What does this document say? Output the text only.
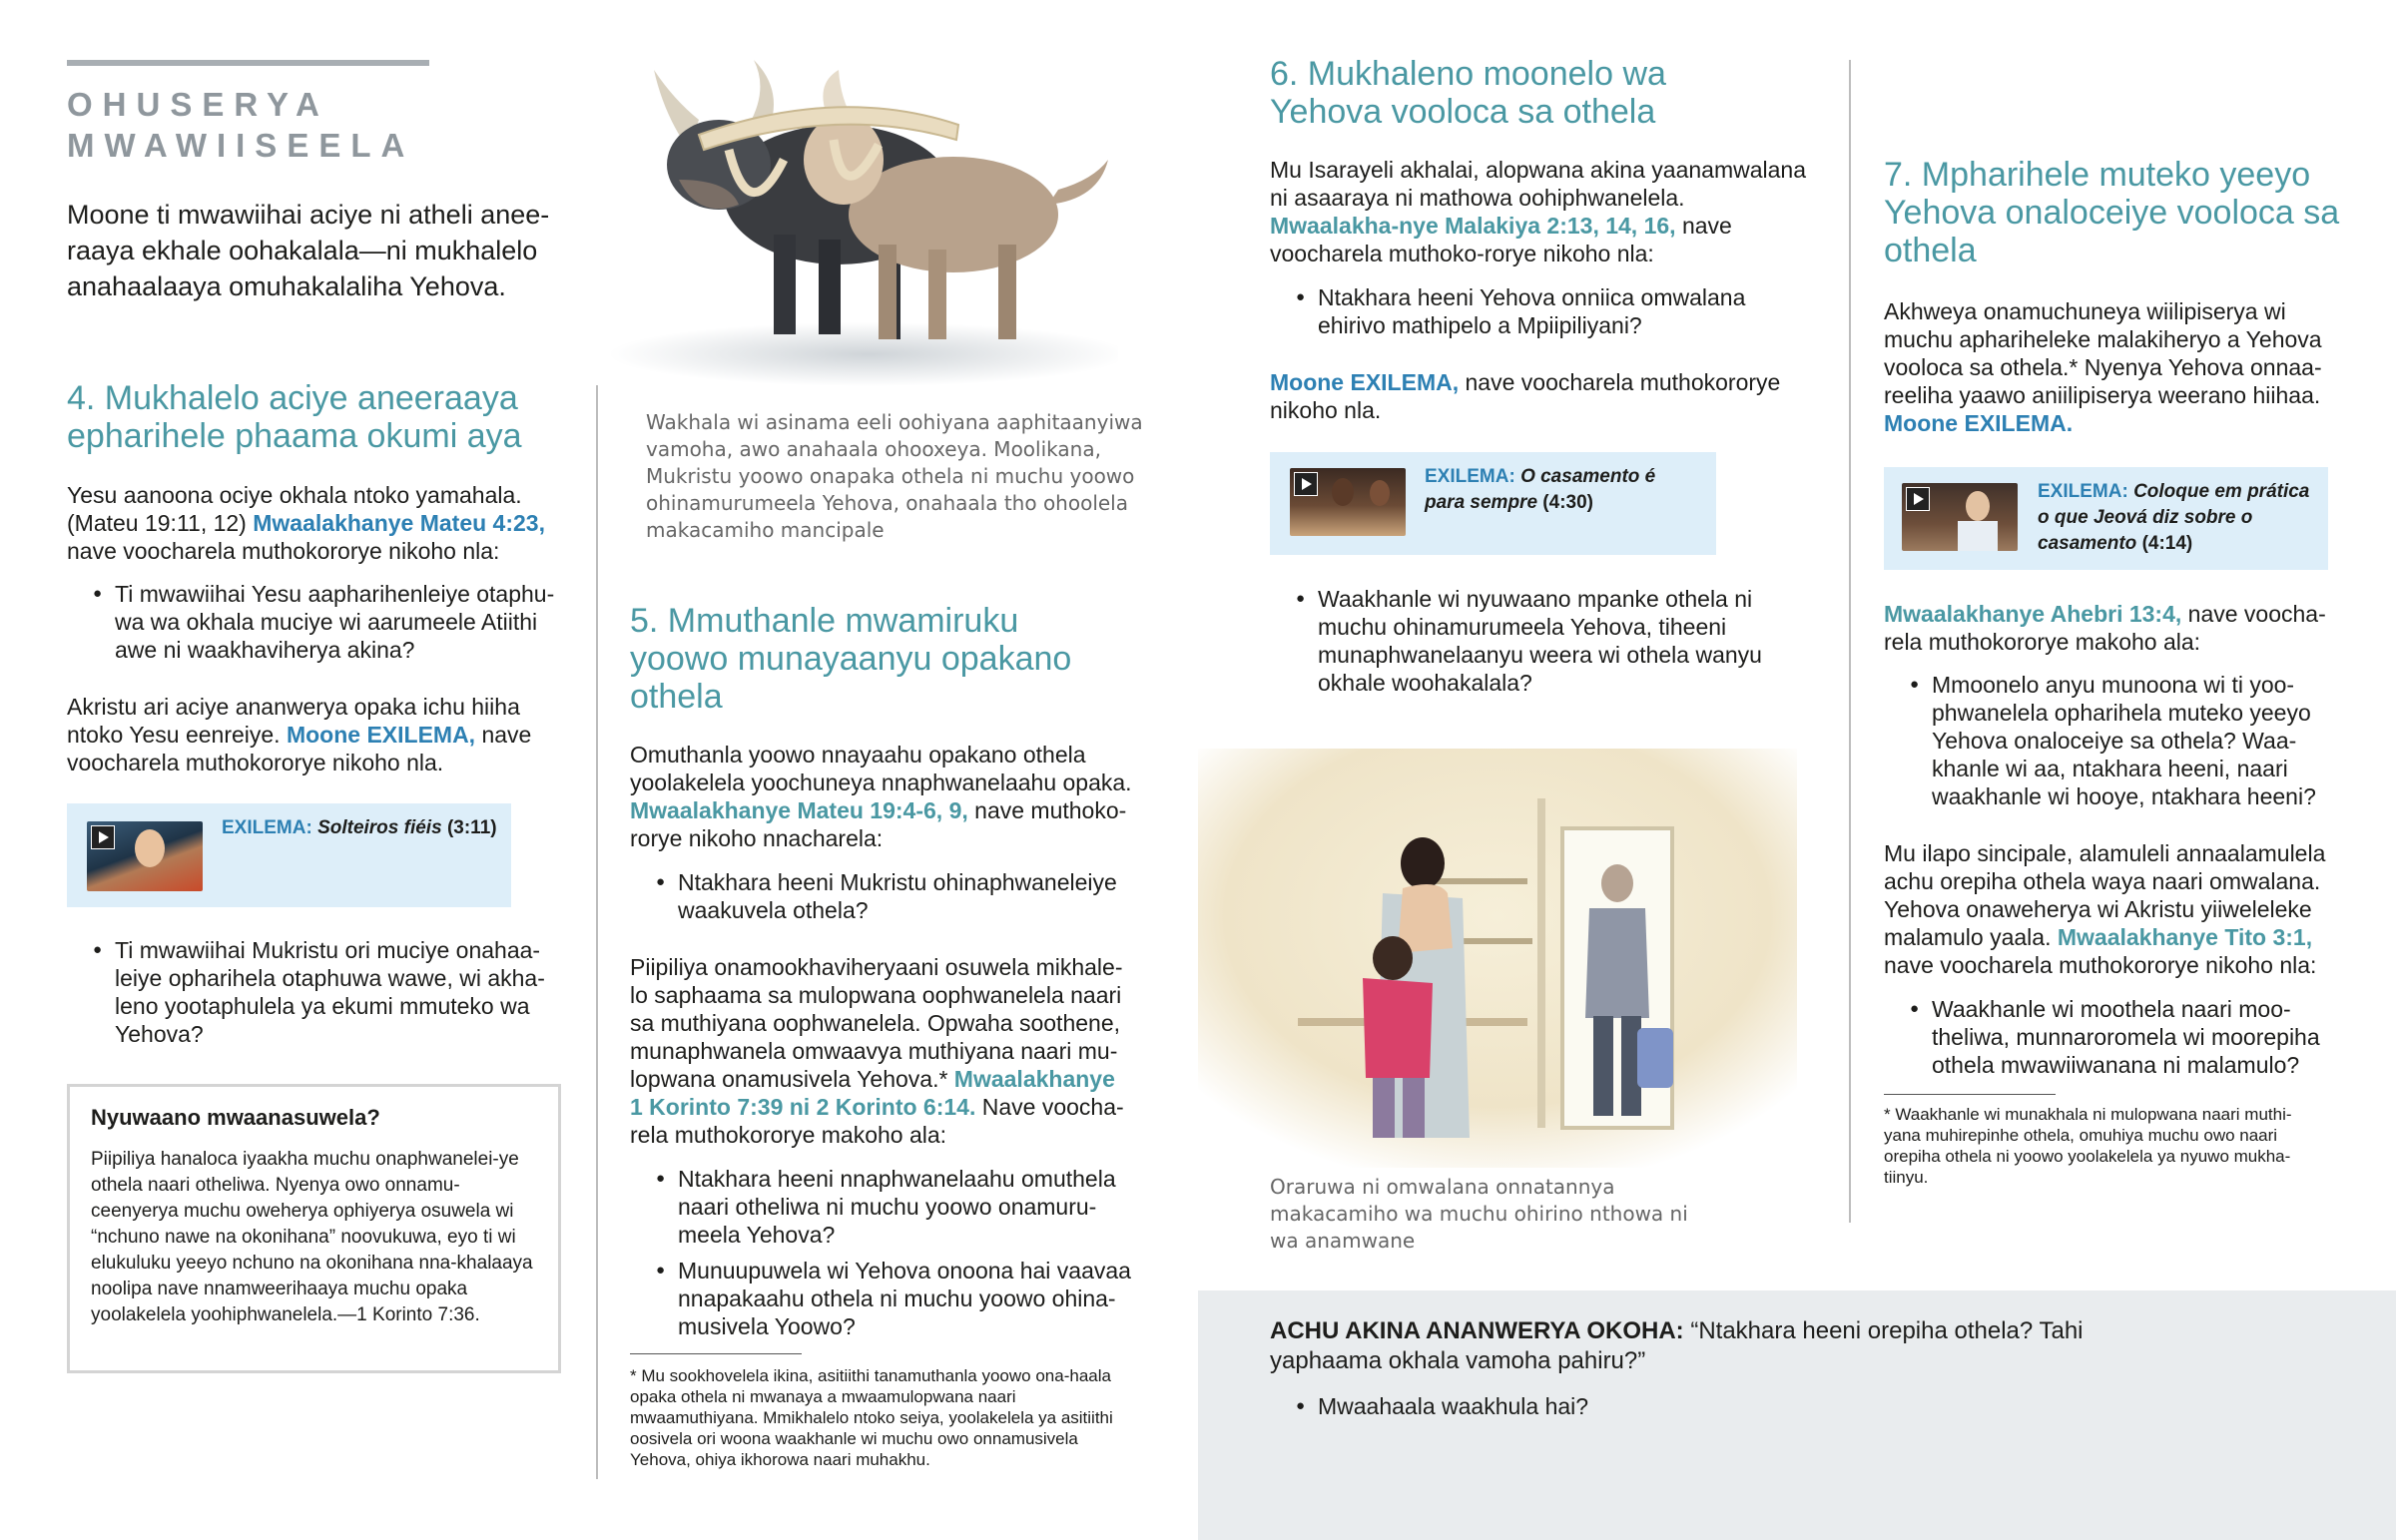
OHUSERYA
MWAWIISEELA
Moone ti mwawiihai aciye ni atheli anee-raaya ekhale oohakalala—ni mukhalelo anahaalaaya omuhakalaliha Yehova.
4. Mukhalelo aciye aneeraaya epharihele phaama okumi aya
Yesu aanoona ociye okhala ntoko yamahala. (Mateu 19:11, 12) Mwaalakhanye Mateu 4:23, nave voocharela muthokororye nikoho nla:
● Ti mwawiihai Yesu aapharihenleiye otaphu-wa wa okhala muciye wi aarumeele Atiithi awe ni waakhaviherya akina?
Akristu ari aciye ananwerya opaka ichu hiiha ntoko Yesu eenreiye. Moone EXILEMA, nave voocharela muthokororye nikoho nla.
EXILEMA: Solteiros fiéis (3:11)
● Ti mwawiihai Mukristu ori muciye onahaa-leiye opharihela otaphuwa wawe, wi akha-leno yootaphulela ya ekumi mmuteko wa Yehova?
Nyuwaano mwaanasuwela?
Piipiliya hanaloca iyaakha muchu onaphwanelei-ye othela naari otheliwa. Nyenya owo onnamu-ceenyerya muchu oweherya ophiyerya osuwela wi “nchuno nawe na okonihana” noovukuwa, eyo ti wi elukuluku yeeyo nchuno na okonihana nna-khalaaya noolipa nave nnamweerihaaya muchu opaka yoolakelela yoohiphwanelela.—1 Korinto 7:36.
Wakhala wi asinama eeli oohiyana aaphitaanyiwa vamoha, awo anahaala ohooxeya. Moolikana, Mukristu yoowo onapaka othela ni muchu yoowo ohinamurumeela Yehova, onahaala tho ohoolela makacamiho mancipale
5. Mmuthanle mwamiruku yoowo munayaanyu opakano othela
Omuthanla yoowo nnayaahu opakano othela yoolakelela yoochuneya nnaphwanelaahu opaka. Mwaalakhanye Mateu 19:4-6, 9, nave muthoko-rorye nikoho nnacharela:
● Ntakhara heeni Mukristu ohinaphwaneleiye waakuvela othela?
Piipiliya onamookhaviheryaani osuwela mikhale-lo saphaama sa mulopwana oophwanelela naari sa muthiyana oophwanelela. Opwaha soothene, munaphwanela omwaavya muthiyana naari mu-lopwana onamusivela Yehova.* Mwaalakhanye 1 Korinto 7:39 ni 2 Korinto 6:14. Nave voocha-rela muthokororye makoho ala:
● Ntakhara heeni nnaphwanelaahu omuthela naari otheliwa ni muchu yoowo onamuru-meela Yehova?
● Munuupuwela wi Yehova onoona hai vaavaa nnapakaahu othela ni muchu yoowo ohina-musivela Yoowo?
* Mu sookhovelela ikina, asitiithi tanamuthanla yoowo ona-haala opaka othela ni mwanaya a mwaamulopwana naari mwaamuthiyana. Mmikhalelo ntoko seiya, yoolakelela ya asitiithi oosivela ori woona waakhanle wi muchu owo onnamusivela Yehova, ohiya ikhorowa naari muhakhu.
6. Mukhaleno moonelo wa Yehova vooloca sa othela
Mu Isarayeli akhalai, alopwana akina yaanamwalana ni asaaraya ni mathowa oohiphwanelela. Mwaalakha-nye Malakiya 2:13, 14, 16, nave voocharela muthoko-rorye nikoho nla:
● Ntakhara heeni Yehova onniica omwalana ehirivo mathipelo a Mpiipiliyani?
Moone EXILEMA, nave voocharela muthokororye nikoho nla.
EXILEMA: O casamento é para sempre (4:30)
● Waakhanle wi nyuwaano mpanke othela ni muchu ohinamurumeela Yehova, tiheeni munaphwanelaanyu weera wi othela wanyu okhale woohakalala?
Oraruwa ni omwalana onnatannya makacamiho wa muchu ohirino nthowa ni wa anamwane
7. Mpharihele muteko yeeyo Yehova onaloceiye vooloca sa othela
Akhweya onamuchuneya wiilipiserya wi muchu aphariheleke malakiheryo a Yehova vooloca sa othela.* Nyenya Yehova onnaa-reeliha yaawo aniilipiserya weerano hiihaa. Moone EXILEMA.
EXILEMA: Coloque em prática o que Jeová diz sobre o casamento (4:14)
Mwaalakhanye Ahebri 13:4, nave voocha-rela muthokororye makoho ala:
● Mmoonelo anyu munoona wi ti yoo-phwanelela opharihela muteko yeeyo Yehova onaloceiye sa othela? Waa-khanle wi aa, ntakhara heeni, naari waakhanle wi hooye, ntakhara heeni?
Mu ilapo sincipale, alamuleli annaalamulela achu orepiha othela waya naari omwalana. Yehova onaweherya wi Akristu yiiweleleke malamulo yaala. Mwaalakhanye Tito 3:1, nave voocharela muthokororye nikoho nla:
● Waakhanle wi moothela naari moo-theliwa, munnaroromela wi moorepiha othela mwawiiwanana ni malamulo?
* Waakhanle wi munakhala ni mulopwana naari muthi-yana muhirepinhe othela, omuhiya muchu owo naari orepiha othela ni yoowo yoolakelela ya nyuwo mukha-tiinyu.
ACHU AKINA ANANWERYA OKOHA: “Ntakhara heeni orepiha othela? Tahi yaphaama okhala vamoha pahiru?”
● Mwaahaala waakhula hai?
